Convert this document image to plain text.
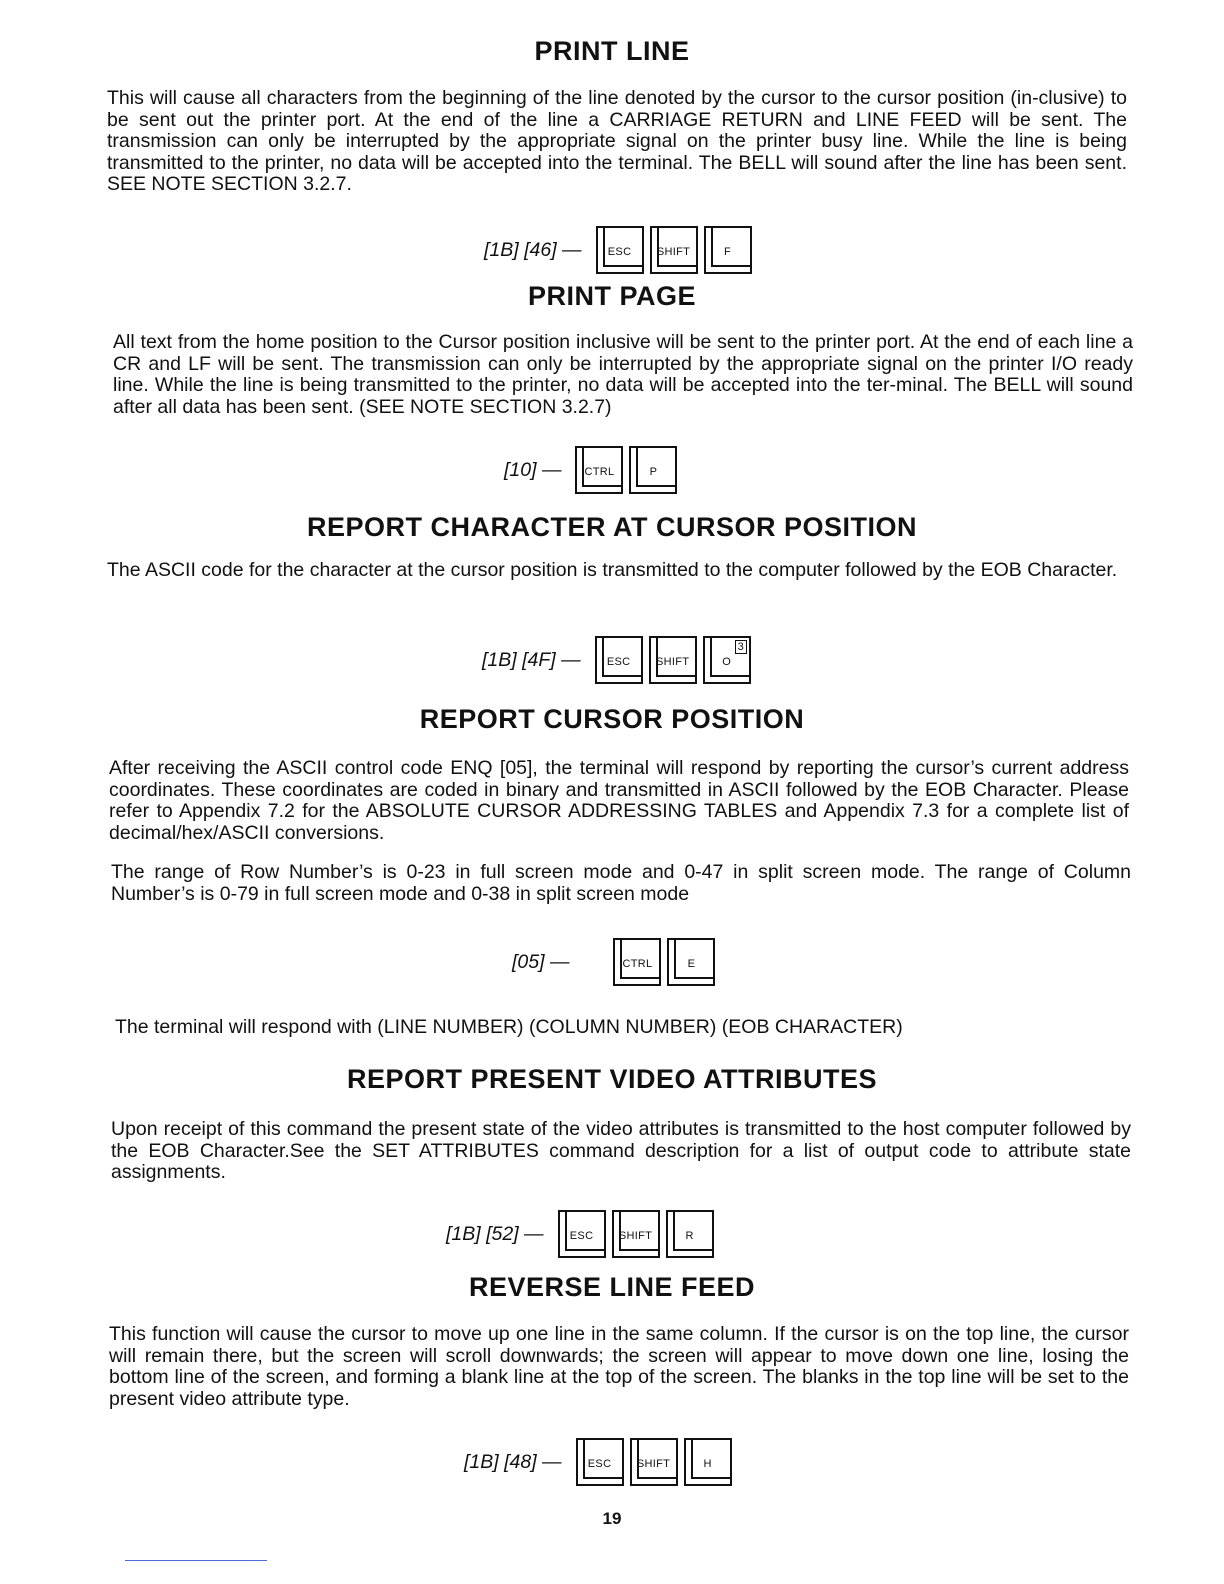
PRINT LINE

This will cause all characters from the beginning of the line denoted by the cursor to the cursor position (in-clusive) to be sent out the printer port. At the end of the line a CARRIAGE RETURN and LINE FEED will be sent. The transmission can only be interrupted by the appropriate signal on the printer busy line. While the line is being transmitted to the printer, no data will be accepted into the terminal. The BELL will sound after the line has been sent. SEE NOTE SECTION 3.2.7.

[1B] [46] — ESC SHIFT	F
PRINT PAGE

All text from the home position to the Cursor position inclusive will be sent to the printer port. At the end of each line a CR and LF will be sent. The transmission can only be interrupted by the appropriate signal on the printer I/O ready line. While the line is being transmitted to the printer, no data will be accepted into the ter-minal. The BELL will sound after all data has been sent. (SEE NOTE SECTION 3.2.7)

[10] — CTRL	P
REPORT CHARACTER AT CURSOR POSITION

The ASCII code for the character at the cursor position is transmitted to the computer followed by the EOB Character.

[1B] [4F] — ESC SHIFT	O
3
REPORT CURSOR POSITION

After receiving the ASCII control code ENQ [05], the terminal will respond by reporting the cursor’s current address coordinates. These coordinates are coded in binary and transmitted in ASCII followed by the EOB Character. Please refer to Appendix 7.2 for the ABSOLUTE CURSOR ADDRESSING TABLES and Appendix 7.3 for a complete list of decimal/hex/ASCII conversions.

The range of Row Number’s is 0-23 in full screen mode and 0-47 in split screen mode. The range of Column Number’s is 0-79 in full screen mode and 0-38 in split screen mode

[05] —	CTRL	E

The terminal will respond with (LINE NUMBER) (COLUMN NUMBER) (EOB CHARACTER)

REPORT PRESENT VIDEO ATTRIBUTES

Upon receipt of this command the present state of the video attributes is transmitted to the host computer followed by the EOB Character.See the SET ATTRIBUTES command description for a list of output code to attribute state assignments.

[1B] [52] — ESC SHIFT	R
REVERSE LINE FEED

This function will cause the cursor to move up one line in the same column. If the cursor is on the top line, the cursor will remain there, but the screen will scroll downwards; the screen will appear to move down one line, losing the bottom line of the screen, and forming a blank line at the top of the screen. The blanks in the top line will be set to the present video attribute type.

[1B] [48] — ESC SHIFT	H
19
